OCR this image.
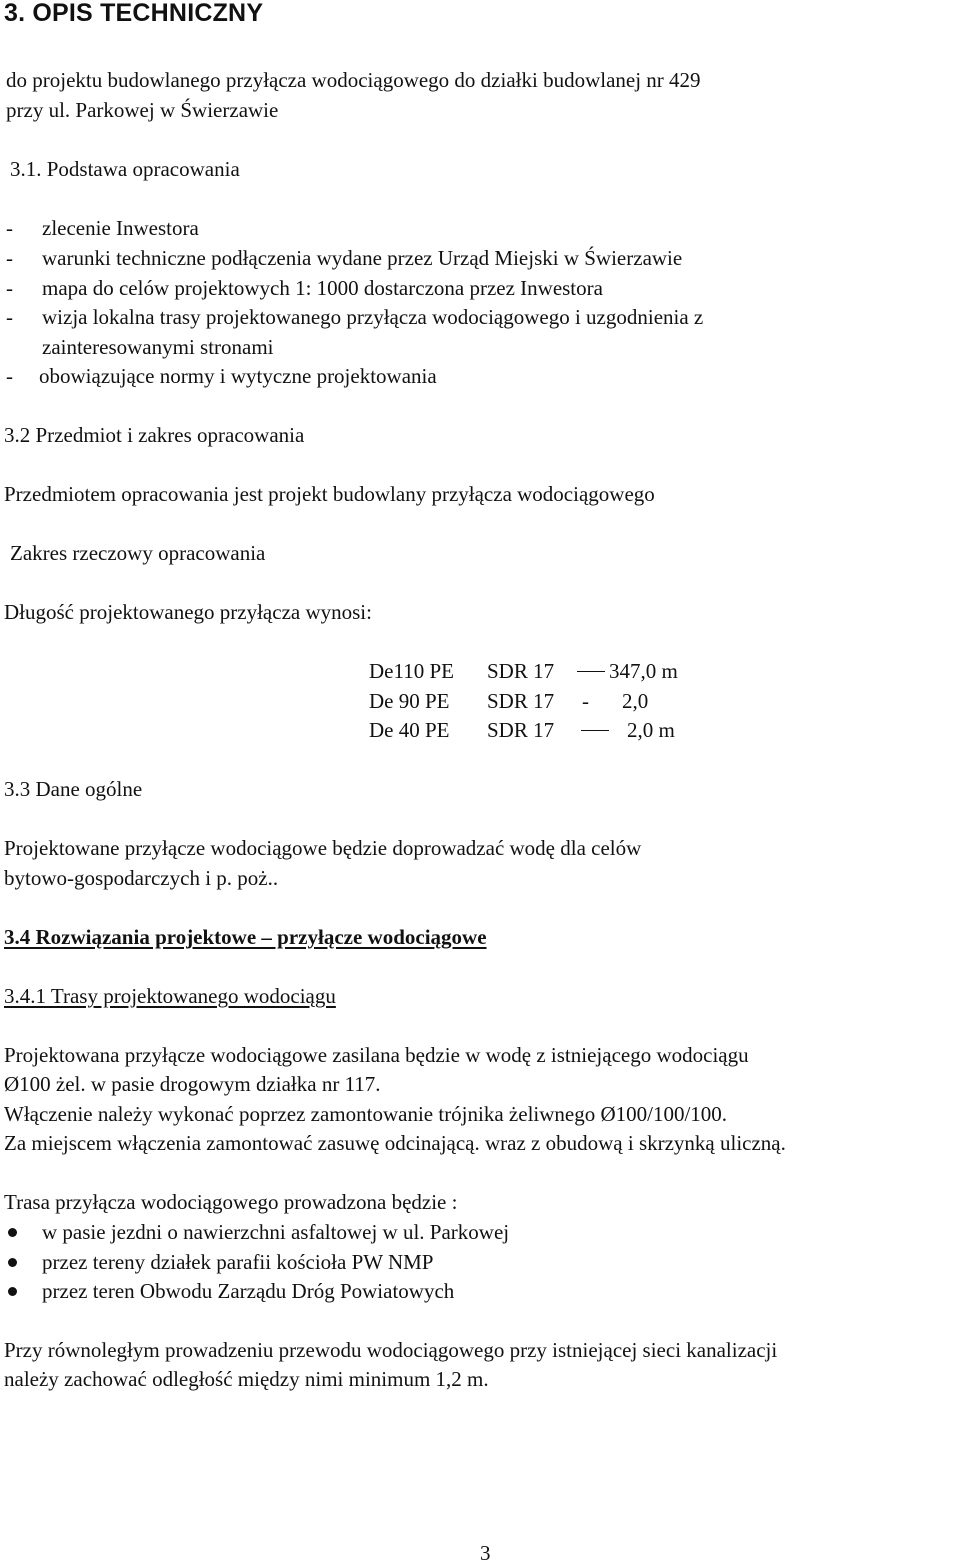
3. OPIS TECHNICZNY
do projektu budowlanego przyłącza wodociągowego do działki budowlanej nr 429
przy ul. Parkowej w Świerzawie
3.1. Podstawa opracowania
- zlecenie Inwestora
- warunki techniczne podłączenia wydane przez Urząd Miejski w Świerzawie
- mapa do celów projektowych 1: 1000 dostarczona przez Inwestora
- wizja lokalna trasy projektowanego przyłącza wodociągowego i uzgodnienia z
zainteresowanymi stronami
- obowiązujące normy i wytyczne projektowania
3.2 Przedmiot i zakres opracowania
Przedmiotem opracowania jest projekt budowlany przyłącza wodociągowego
Zakres rzeczowy opracowania
Długość projektowanego przyłącza wynosi:
De110 PE SDR 17	347,0 m
De 90 PE SDR 17 - 2,0
De 40 PE SDR 17	2,0 m
3.3 Dane ogólne
Projektowane przyłącze wodociągowe będzie doprowadzać wodę dla celów
bytowo-gospodarczych i p. poż..
3.4 Rozwiązania projektowe – przyłącze wodociągowe
3.4.1 Trasy projektowanego wodociągu
Projektowana przyłącze wodociągowe zasilana będzie w wodę z istniejącego wodociągu
Ø100 żel. w pasie drogowym działka nr 117.
Włączenie należy wykonać poprzez zamontowanie trójnika żeliwnego Ø100/100/100.
Za miejscem włączenia zamontować zasuwę odcinającą. wraz z obudową i skrzynką uliczną.
Trasa przyłącza wodociągowego prowadzona będzie :
w pasie jezdni o nawierzchni asfaltowej w ul. Parkowej
przez tereny działek parafii kościoła PW NMP
przez teren Obwodu Zarządu Dróg Powiatowych
Przy równoległym prowadzeniu przewodu wodociągowego przy istniejącej sieci kanalizacji
należy zachować odległość między nimi minimum 1,2 m.
3
